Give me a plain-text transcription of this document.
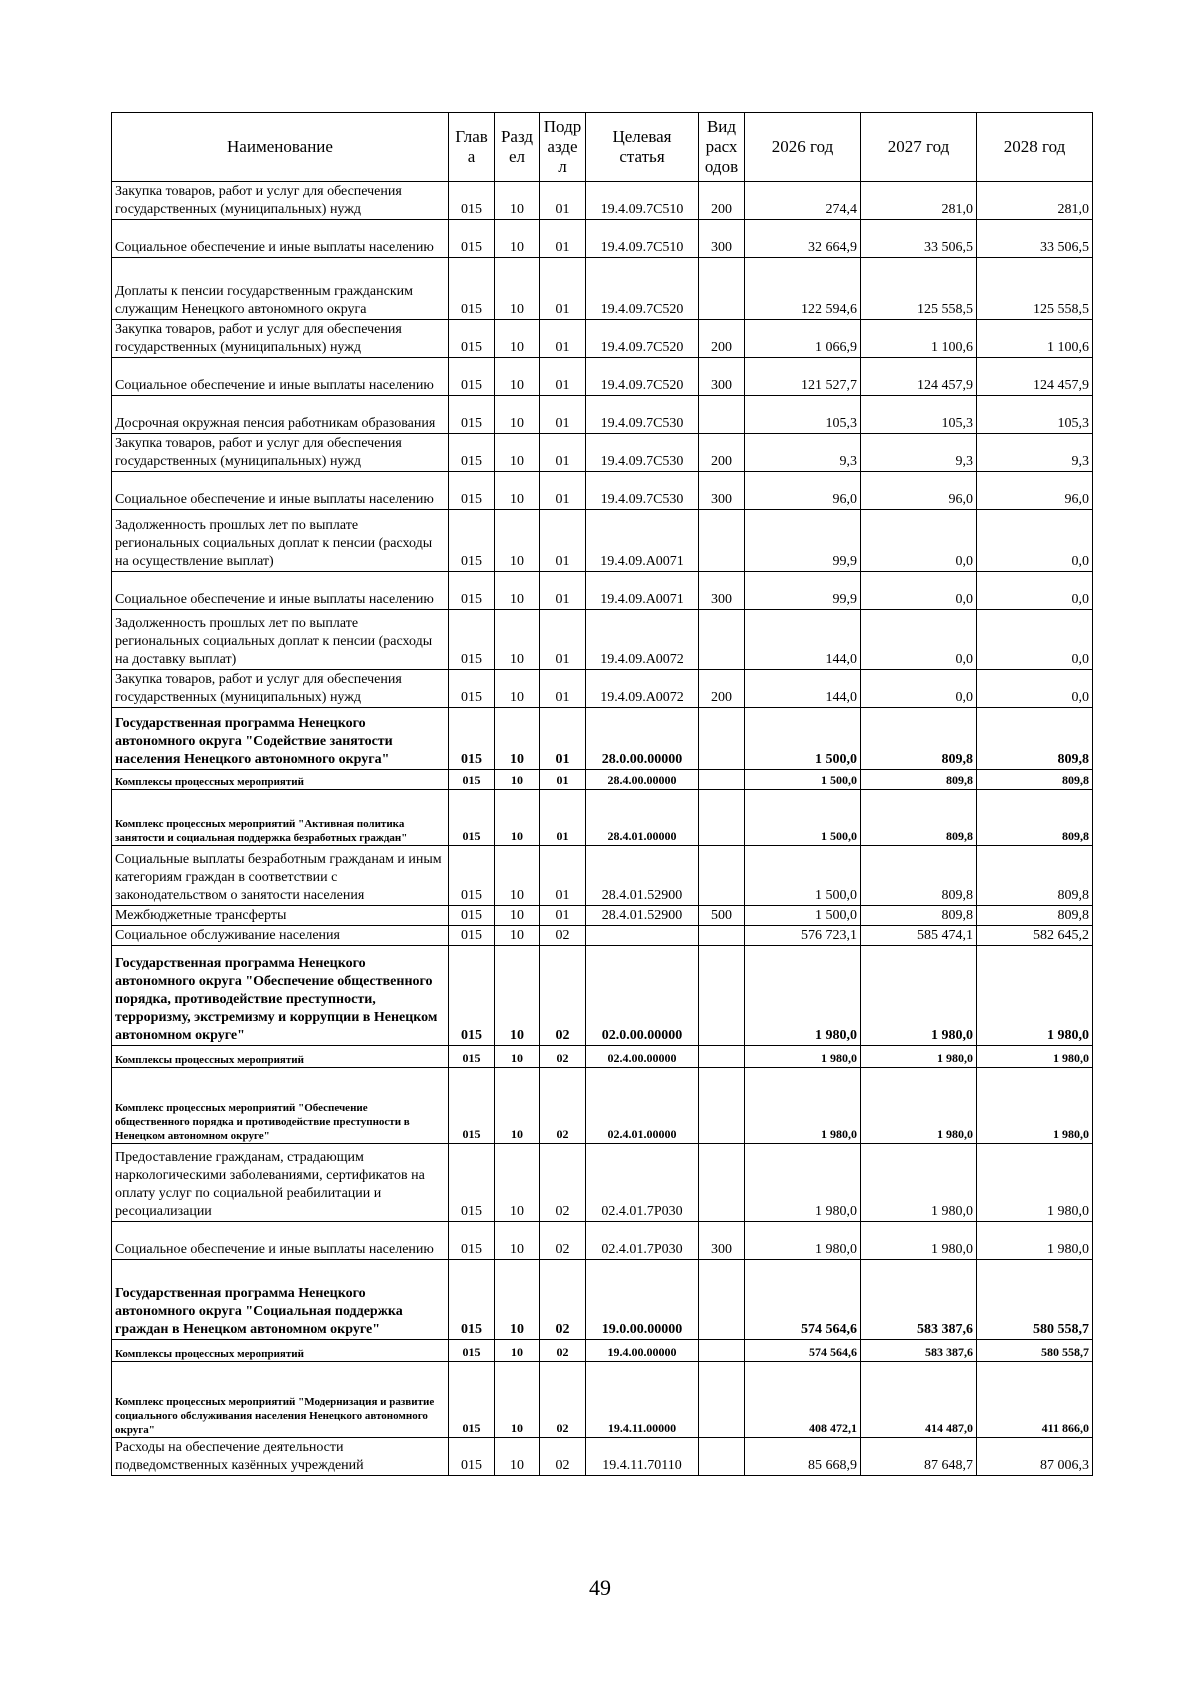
Наименование	Глав а	Разд ел	Подр азде л	Целевая статья	Вид расх одов	2026 год	2027 год	2028 год
Закупка товаров, работ и услуг для обеспечения государственных (муниципальных) нужд	015	10	01	19.4.09.7С510	200	274,4	281,0	281,0
Социальное обеспечение и иные выплаты населению	015	10	01	19.4.09.7С510	300	32 664,9	33 506,5	33 506,5
Доплаты к пенсии государственным гражданским служащим Ненецкого автономного округа	015	10	01	19.4.09.7С520		122 594,6	125 558,5	125 558,5
Закупка товаров, работ и услуг для обеспечения государственных (муниципальных) нужд	015	10	01	19.4.09.7С520	200	1 066,9	1 100,6	1 100,6
Социальное обеспечение и иные выплаты населению	015	10	01	19.4.09.7С520	300	121 527,7	124 457,9	124 457,9
Досрочная окружная пенсия работникам образования	015	10	01	19.4.09.7С530		105,3	105,3	105,3
Закупка товаров, работ и услуг для обеспечения государственных (муниципальных) нужд	015	10	01	19.4.09.7С530	200	9,3	9,3	9,3
Социальное обеспечение и иные выплаты населению	015	10	01	19.4.09.7С530	300	96,0	96,0	96,0
Задолженность прошлых лет по выплате региональных социальных доплат к пенсии (расходы на осуществление выплат)	015	10	01	19.4.09.А0071		99,9	0,0	0,0
Социальное обеспечение и иные выплаты населению	015	10	01	19.4.09.А0071	300	99,9	0,0	0,0
Задолженность прошлых лет по выплате региональных социальных доплат к пенсии (расходы на доставку выплат)	015	10	01	19.4.09.А0072		144,0	0,0	0,0
Закупка товаров, работ и услуг для обеспечения государственных (муниципальных) нужд	015	10	01	19.4.09.А0072	200	144,0	0,0	0,0
Государственная программа Ненецкого автономного округа "Содействие занятости населения Ненецкого автономного округа"	015	10	01	28.0.00.00000		1 500,0	809,8	809,8
Комплексы процессных мероприятий	015	10	01	28.4.00.00000		1 500,0	809,8	809,8
Комплекс процессных мероприятий "Активная политика занятости и социальная поддержка безработных граждан"	015	10	01	28.4.01.00000		1 500,0	809,8	809,8
Социальные выплаты безработным гражданам и иным категориям граждан в соответствии с законодательством о занятости населения	015	10	01	28.4.01.52900		1 500,0	809,8	809,8
Межбюджетные трансферты	015	10	01	28.4.01.52900	500	1 500,0	809,8	809,8
Социальное обслуживание населения	015	10	02			576 723,1	585 474,1	582 645,2
Государственная программа Ненецкого автономного округа "Обеспечение общественного порядка, противодействие преступности, терроризму, экстремизму и коррупции в Ненецком автономном округе"	015	10	02	02.0.00.00000		1 980,0	1 980,0	1 980,0
Комплексы процессных мероприятий	015	10	02	02.4.00.00000		1 980,0	1 980,0	1 980,0
Комплекс процессных мероприятий "Обеспечение общественного порядка и противодействие преступности в Ненецком автономном округе"	015	10	02	02.4.01.00000		1 980,0	1 980,0	1 980,0
Предоставление гражданам, страдающим наркологическими заболеваниями, сертификатов на оплату услуг по социальной реабилитации и ресоциализации	015	10	02	02.4.01.7Р030		1 980,0	1 980,0	1 980,0
Социальное обеспечение и иные выплаты населению	015	10	02	02.4.01.7Р030	300	1 980,0	1 980,0	1 980,0
Государственная программа Ненецкого автономного округа "Социальная поддержка граждан в Ненецком автономном округе"	015	10	02	19.0.00.00000		574 564,6	583 387,6	580 558,7
Комплексы процессных мероприятий	015	10	02	19.4.00.00000		574 564,6	583 387,6	580 558,7
Комплекс процессных мероприятий "Модернизация и развитие социального обслуживания населения Ненецкого автономного округа"	015	10	02	19.4.11.00000		408 472,1	414 487,0	411 866,0
Расходы на обеспечение деятельности подведомственных казённых учреждений	015	10	02	19.4.11.70110		85 668,9	87 648,7	87 006,3
49
